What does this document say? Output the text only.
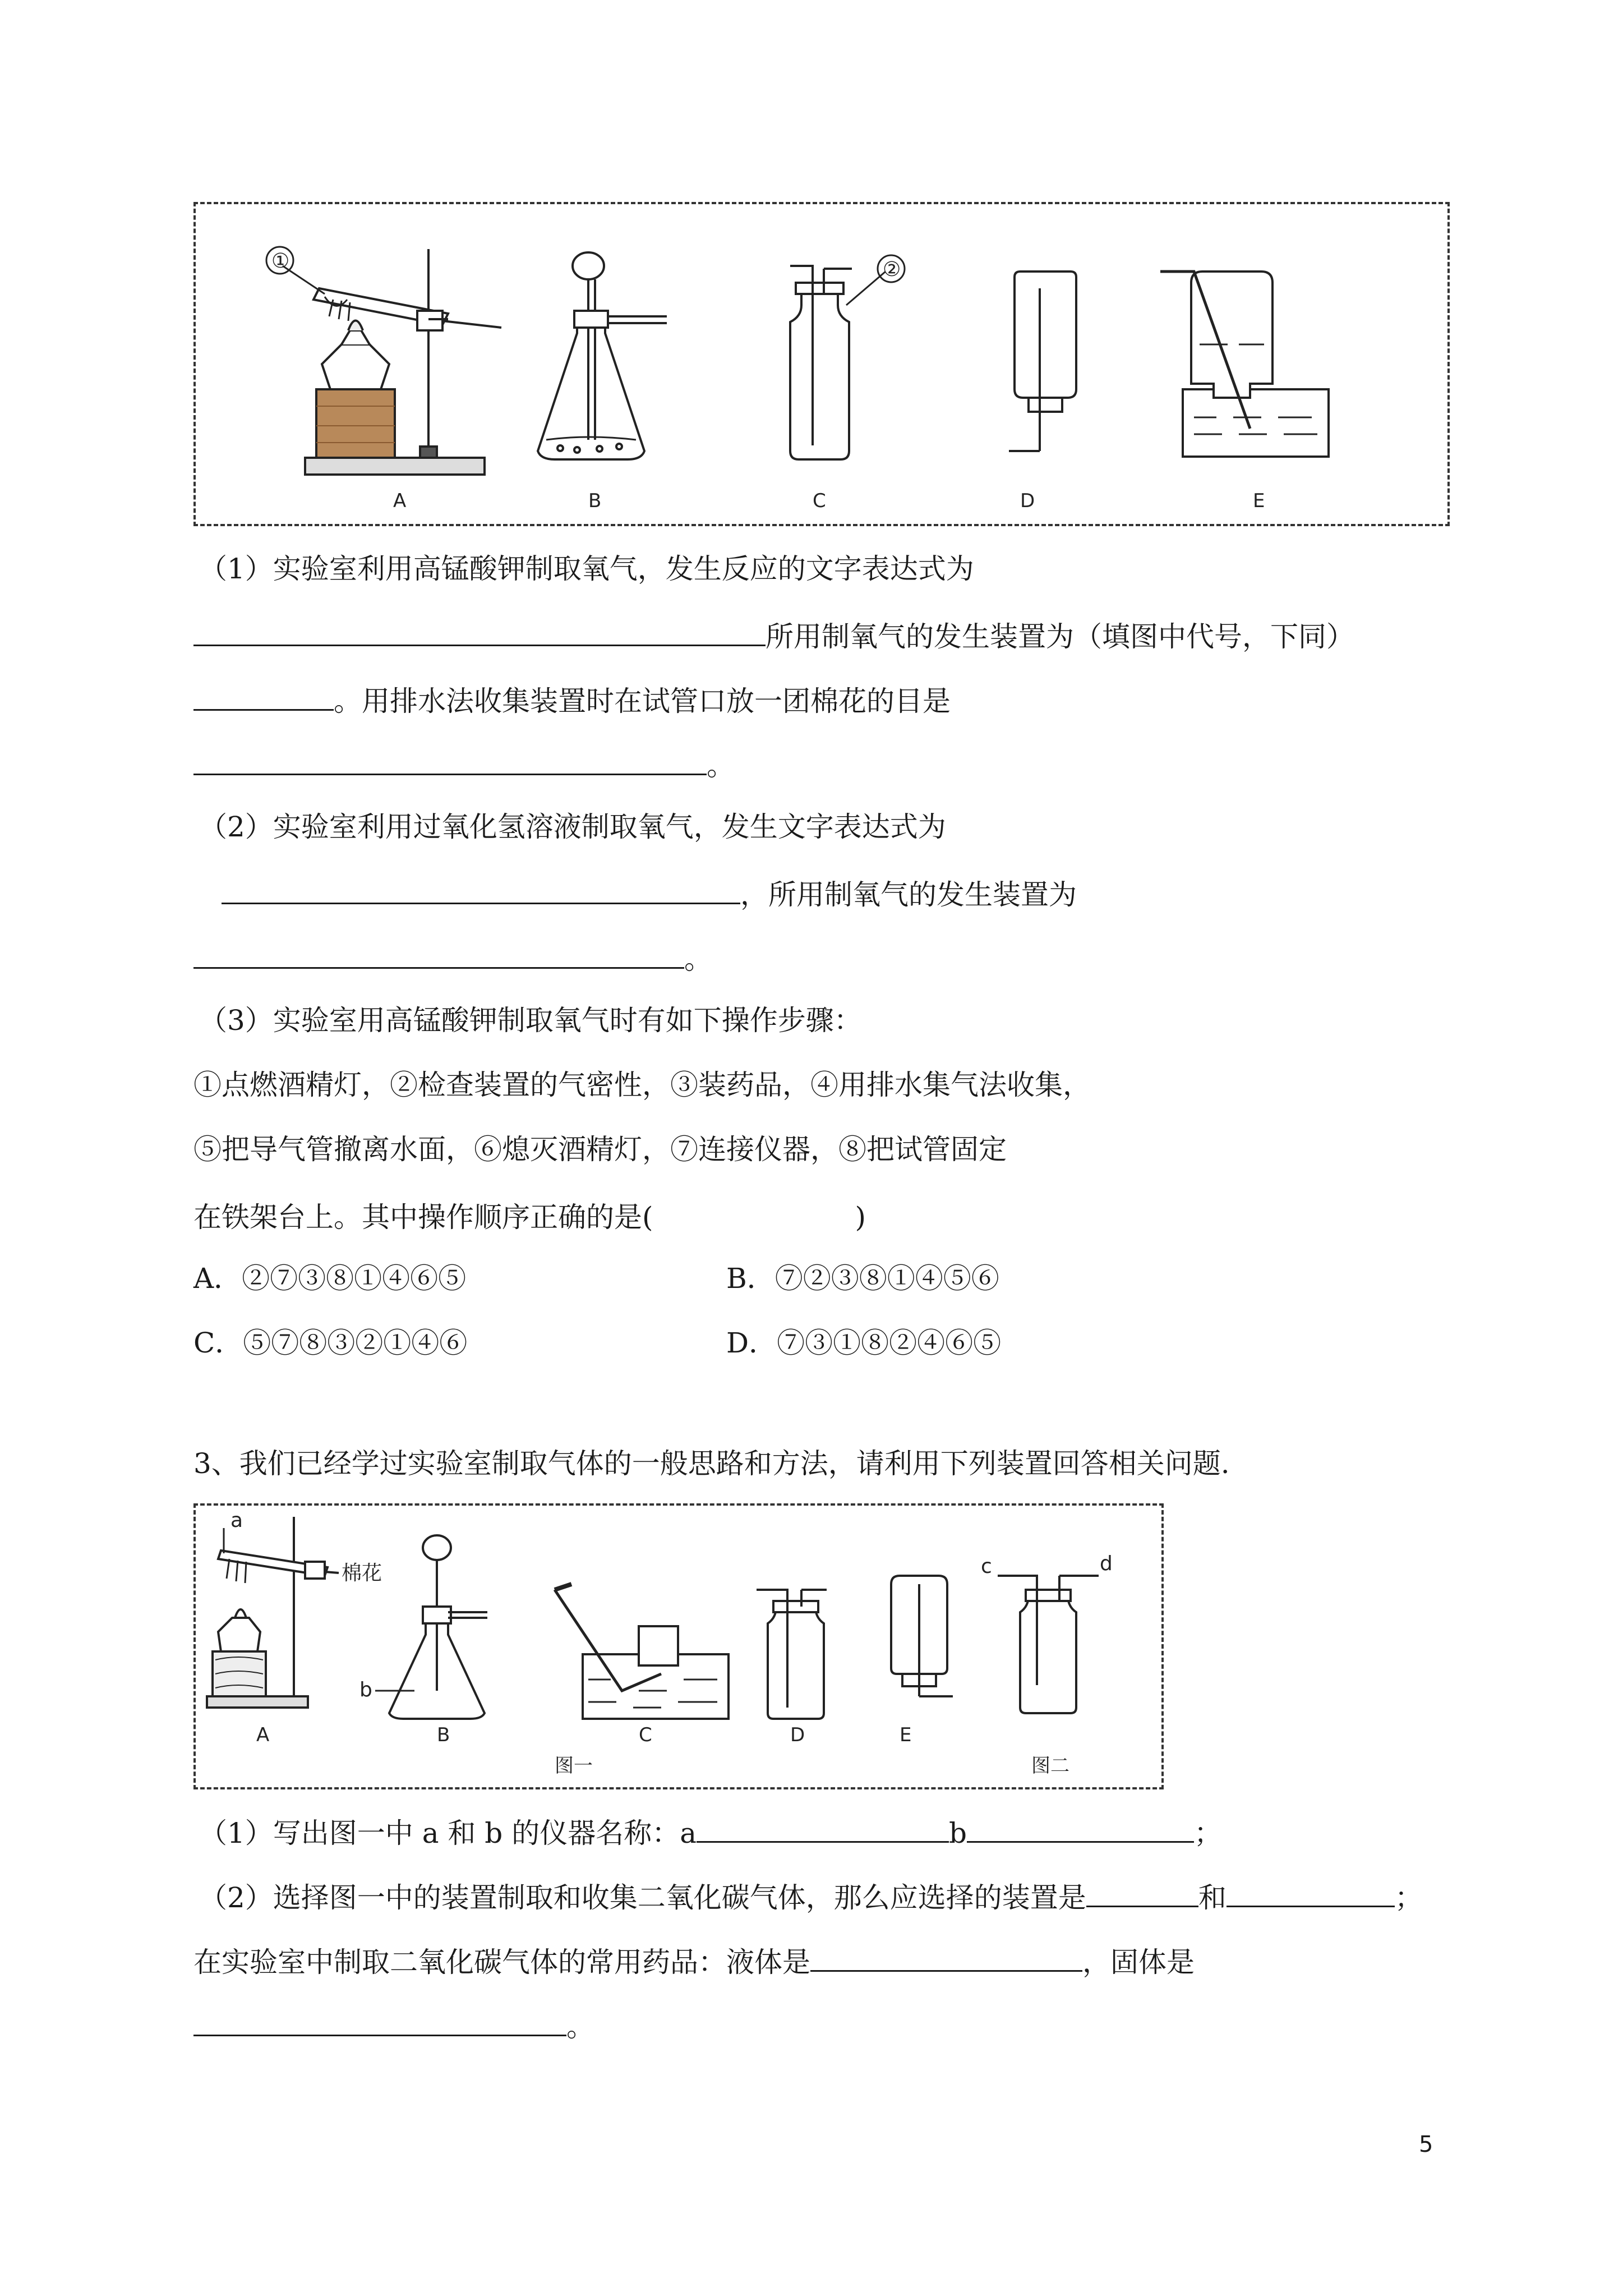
①	②
A	B	C	D	E
（1）实验室利用高锰酸钾制取氧气，发生反应的文字表达式为
所用制氧气的发生装置为（填图中代号，下同）
。用排水法收集装置时在试管口放一团棉花的目是
。
（2）实验室利用过氧化氢溶液制取氧气，发生文字表达式为
，所用制氧气的发生装置为
。
（3）实验室用高锰酸钾制取氧气时有如下操作步骤：
①点燃酒精灯，②检查装置的气密性，③装药品，④用排水集气法收集，
⑤把导气管撤离水面，⑥熄灭酒精灯，⑦连接仪器，⑧把试管固定
在铁架台上。其中操作顺序正确的是(	)
A．②⑦③⑧①④⑥⑤	B．⑦②③⑧①④⑤⑥
C．⑤⑦⑧③②①④⑥	D．⑦③①⑧②④⑥⑤
3、我们已经学过实验室制取气体的一般思路和方法，请利用下列装置回答相关问题.
a
棉花
b
c	d
A	B	C	D	E
图一	图二
（1）写出图一中 a 和 b 的仪器名称：a	b	；
（2）选择图一中的装置制取和收集二氧化碳气体，那么应选择的装置是	和	；
在实验室中制取二氧化碳气体的常用药品：液体是	，固体是
。
5
